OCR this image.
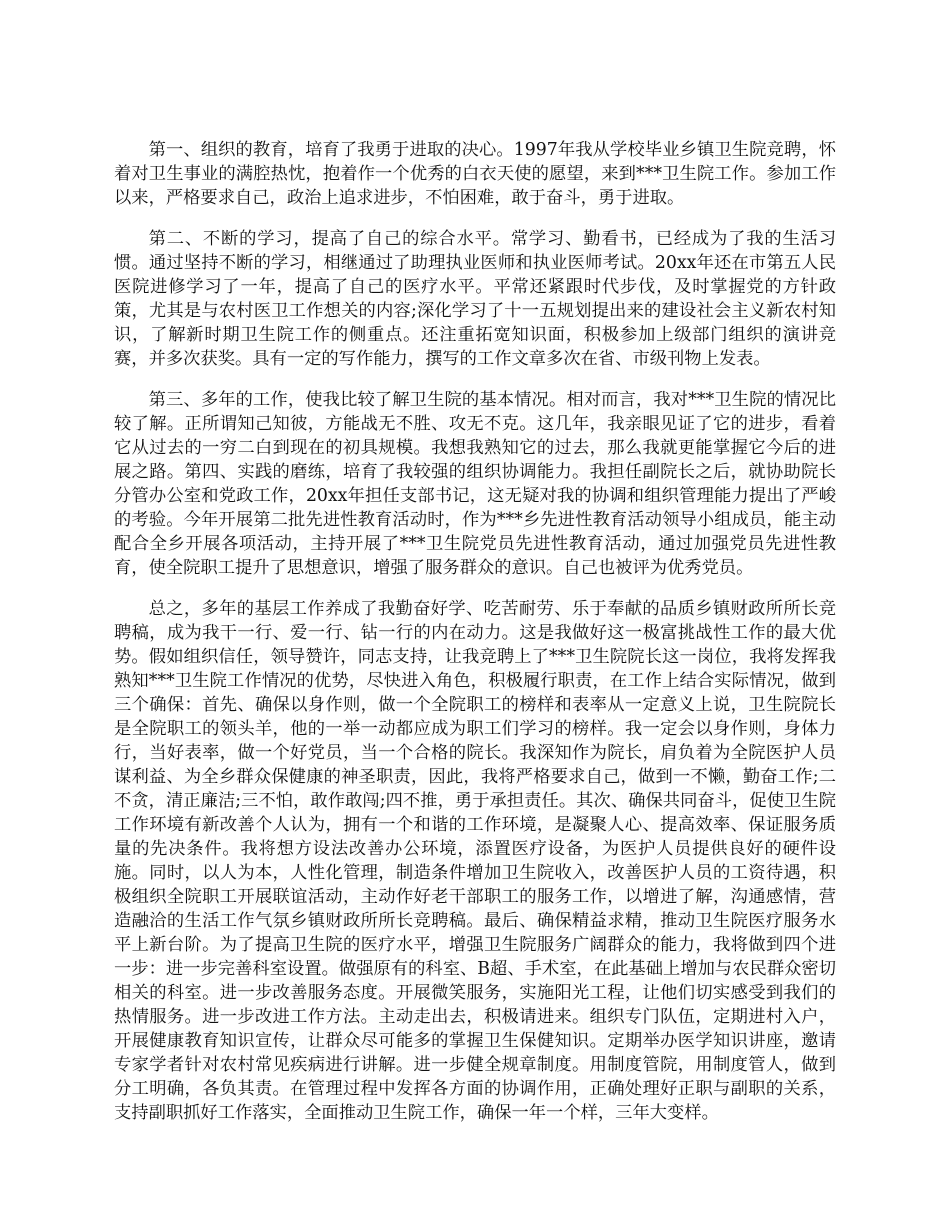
第一、组织的教育，培育了我勇于进取的决心。1997年我从学校毕业乡镇卫生院竞聘，怀着对卫生事业的满腔热忱，抱着作一个优秀的白衣天使的愿望，来到***卫生院工作。参加工作以来，严格要求自己，政治上追求进步，不怕困难，敢于奋斗，勇于进取。

第二、不断的学习，提高了自己的综合水平。常学习、勤看书，已经成为了我的生活习惯。通过坚持不断的学习，相继通过了助理执业医师和执业医师考试。20xx年还在市第五人民医院进修学习了一年，提高了自己的医疗水平。平常还紧跟时代步伐，及时掌握党的方针政策，尤其是与农村医卫工作想关的内容;深化学习了十一五规划提出来的建设社会主义新农村知识，了解新时期卫生院工作的侧重点。还注重拓宽知识面，积极参加上级部门组织的演讲竞赛，并多次获奖。具有一定的写作能力，撰写的工作文章多次在省、市级刊物上发表。

第三、多年的工作，使我比较了解卫生院的基本情况。相对而言，我对***卫生院的情况比较了解。正所谓知己知彼，方能战无不胜、攻无不克。这几年，我亲眼见证了它的进步，看着它从过去的一穷二白到现在的初具规模。我想我熟知它的过去，那么我就更能掌握它今后的进展之路。第四、实践的磨练，培育了我较强的组织协调能力。我担任副院长之后，就协助院长分管办公室和党政工作，20xx年担任支部书记，这无疑对我的协调和组织管理能力提出了严峻的考验。今年开展第二批先进性教育活动时，作为***乡先进性教育活动领导小组成员，能主动配合全乡开展各项活动，主持开展了***卫生院党员先进性教育活动，通过加强党员先进性教育，使全院职工提升了思想意识，增强了服务群众的意识。自己也被评为优秀党员。

总之，多年的基层工作养成了我勤奋好学、吃苦耐劳、乐于奉献的品质乡镇财政所所长竞聘稿，成为我干一行、爱一行、钻一行的内在动力。这是我做好这一极富挑战性工作的最大优势。假如组织信任，领导赞许，同志支持，让我竞聘上了***卫生院院长这一岗位，我将发挥我熟知***卫生院工作情况的优势，尽快进入角色，积极履行职责，在工作上结合实际情况，做到三个确保：首先、确保以身作则，做一个全院职工的榜样和表率从一定意义上说，卫生院院长是全院职工的领头羊，他的一举一动都应成为职工们学习的榜样。我一定会以身作则，身体力行，当好表率，做一个好党员，当一个合格的院长。我深知作为院长，肩负着为全院医护人员谋利益、为全乡群众保健康的神圣职责，因此，我将严格要求自己，做到一不懒，勤奋工作;二不贪，清正廉洁;三不怕，敢作敢闯;四不推，勇于承担责任。其次、确保共同奋斗，促使卫生院工作环境有新改善个人认为，拥有一个和谐的工作环境，是凝聚人心、提高效率、保证服务质量的先决条件。我将想方设法改善办公环境，添置医疗设备，为医护人员提供良好的硬件设施。同时，以人为本，人性化管理，制造条件增加卫生院收入，改善医护人员的工资待遇，积极组织全院职工开展联谊活动，主动作好老干部职工的服务工作，以增进了解，沟通感情，营造融洽的生活工作气氛乡镇财政所所长竞聘稿。最后、确保精益求精，推动卫生院医疗服务水平上新台阶。为了提高卫生院的医疗水平，增强卫生院服务广阔群众的能力，我将做到四个进一步：进一步完善科室设置。做强原有的科室、B超、手术室，在此基础上增加与农民群众密切相关的科室。进一步改善服务态度。开展微笑服务，实施阳光工程，让他们切实感受到我们的热情服务。进一步改进工作方法。主动走出去，积极请进来。组织专门队伍，定期进村入户，开展健康教育知识宣传，让群众尽可能多的掌握卫生保健知识。定期举办医学知识讲座，邀请专家学者针对农村常见疾病进行讲解。进一步健全规章制度。用制度管院，用制度管人，做到分工明确，各负其责。在管理过程中发挥各方面的协调作用，正确处理好正职与副职的关系，支持副职抓好工作落实，全面推动卫生院工作，确保一年一个样，三年大变样。
